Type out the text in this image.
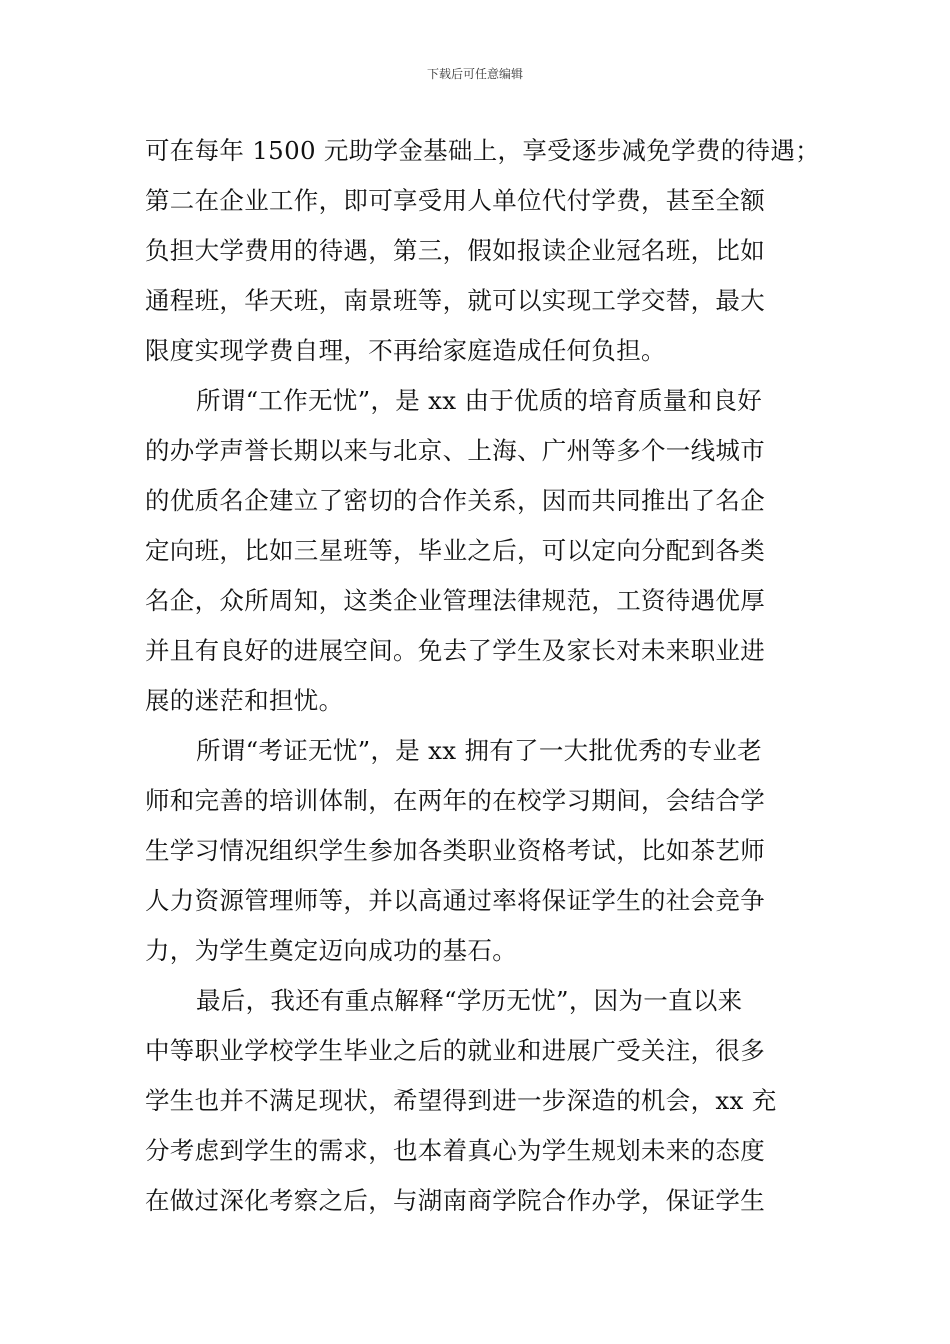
下载后可任意编辑
可在每年 1500 元助学金基础上，享受逐步减免学费的待遇；
第二在企业工作，即可享受用人单位代付学费，甚至全额
负担大学费用的待遇，第三，假如报读企业冠名班，比如
通程班，华天班，南景班等，就可以实现工学交替，最大
限度实现学费自理，不再给家庭造成任何负担。
所谓“工作无忧”，是 xx 由于优质的培育质量和良好
的办学声誉长期以来与北京、上海、广州等多个一线城市
的优质名企建立了密切的合作关系，因而共同推出了名企
定向班，比如三星班等，毕业之后，可以定向分配到各类
名企，众所周知，这类企业管理法律规范，工资待遇优厚
并且有良好的进展空间。免去了学生及家长对未来职业进
展的迷茫和担忧。
所谓“考证无忧”，是 xx 拥有了一大批优秀的专业老
师和完善的培训体制，在两年的在校学习期间，会结合学
生学习情况组织学生参加各类职业资格考试，比如茶艺师
人力资源管理师等，并以高通过率将保证学生的社会竞争
力，为学生奠定迈向成功的基石。
最后，我还有重点解释“学历无忧”，因为一直以来
中等职业学校学生毕业之后的就业和进展广受关注，很多
学生也并不满足现状，希望得到进一步深造的机会，xx 充
分考虑到学生的需求，也本着真心为学生规划未来的态度
在做过深化考察之后，与湖南商学院合作办学，保证学生
